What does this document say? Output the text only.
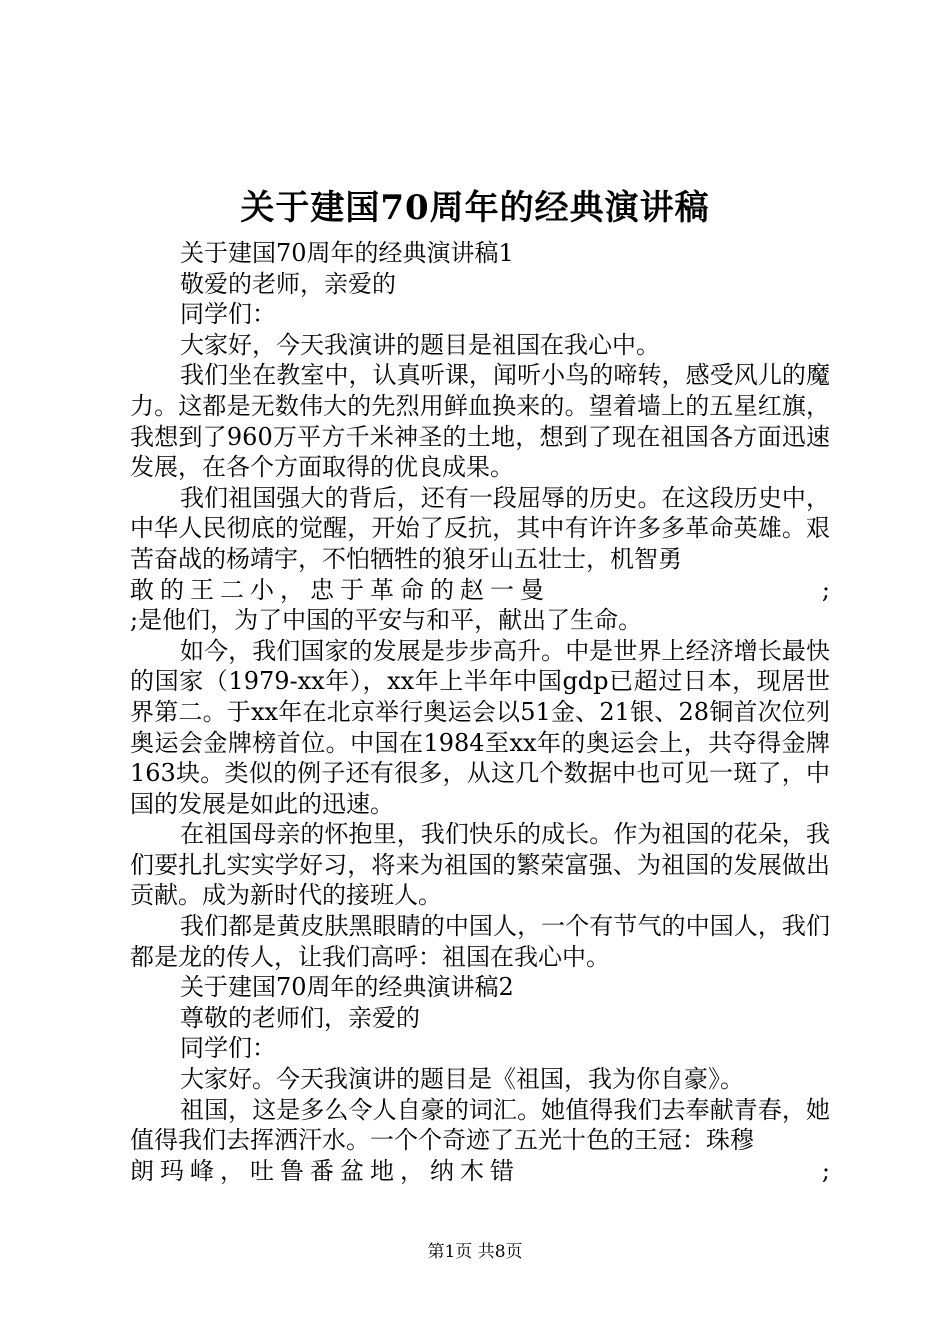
关于建国70周年的经典演讲稿

关于建国70周年的经典演讲稿1

敬爱的老师，亲爱的

同学们：

大家好，今天我演讲的题目是祖国在我心中。

我们坐在教室中，认真听课，闻听小鸟的啼转，感受风儿的魔力。这都是无数伟大的先烈用鲜血换来的。望着墙上的五星红旗，我想到了960万平方千米神圣的土地，想到了现在祖国各方面迅速发展，在各个方面取得的优良成果。

我们祖国强大的背后，还有一段屈辱的历史。在这段历史中，中华人民彻底的觉醒，开始了反抗，其中有许许多多革命英雄。艰苦奋战的杨靖宇，不怕牺牲的狼牙山五壮士，机智勇

敢的王二小，忠于革命的赵一曼	;

;是他们，为了中国的平安与和平，献出了生命。

如今，我们国家的发展是步步高升。中是世界上经济增长最快的国家（1979-xx年），xx年上半年中国gdp已超过日本，现居世界第二。于xx年在北京举行奥运会以51金、21银、28铜首次位列奥运会金牌榜首位。中国在1984至xx年的奥运会上，共夺得金牌163块。类似的例子还有很多，从这几个数据中也可见一斑了，中国的发展是如此的迅速。

在祖国母亲的怀抱里，我们快乐的成长。作为祖国的花朵，我们要扎扎实实学好习，将来为祖国的繁荣富强、为祖国的发展做出贡献。成为新时代的接班人。

我们都是黄皮肤黑眼睛的中国人，一个有节气的中国人，我们都是龙的传人，让我们高呼：祖国在我心中。

关于建国70周年的经典演讲稿2

尊敬的老师们，亲爱的

同学们：

大家好。今天我演讲的题目是《祖国，我为你自豪》。

祖国，这是多么令人自豪的词汇。她值得我们去奉献青春，她值得我们去挥洒汗水。一个个奇迹了五光十色的王冠：珠穆

朗玛峰，吐鲁番盆地，纳木错	;
第1页 共8页
